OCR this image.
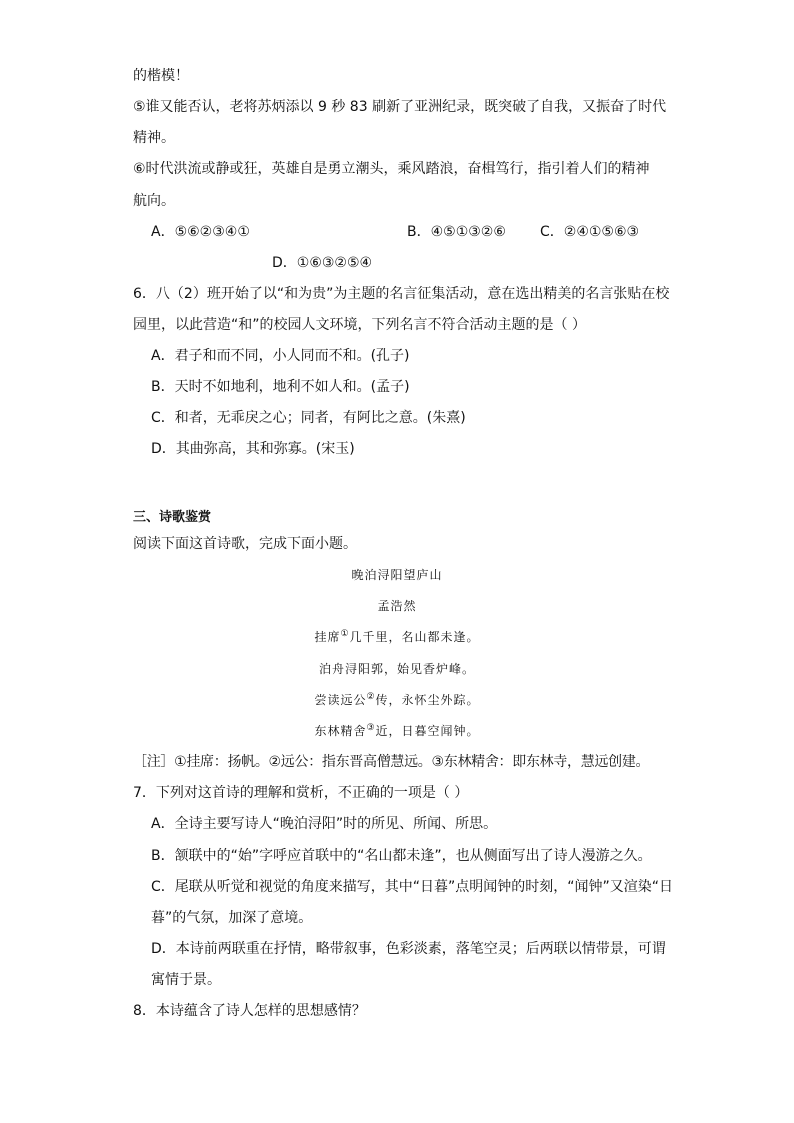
的楷模！
⑤谁又能否认，老将苏炳添以 9 秒 83 刷新了亚洲纪录，既突破了自我，又振奋了时代
精神。
⑥时代洪流或静或狂，英雄自是勇立潮头，乘风踏浪，奋楫笃行，指引着人们的精神
航向。
A．⑤⑥②③④①	B．④⑤①③②⑥ C．②④①⑤⑥③
D．①⑥③②⑤④
6．八（2）班开始了以“和为贵”为主题的名言征集活动，意在选出精美的名言张贴在校
园里，以此营造“和”的校园人文环境，下列名言不符合活动主题的是（ ）
A．君子和而不同，小人同而不和。(孔子)
B．天时不如地利，地利不如人和。(孟子)
C．和者，无乖戾之心；同者，有阿比之意。(朱熹)
D．其曲弥高，其和弥寡。(宋玉)
三、诗歌鉴赏
阅读下面这首诗歌，完成下面小题。
晚泊浔阳望庐山
孟浩然
挂席①几千里，名山都未逢。
泊舟浔阳郭，始见香炉峰。
尝读远公②传，永怀尘外踪。
东林精舍③近，日暮空闻钟。
［注］①挂席：扬帆。②远公：指东晋高僧慧远。③东林精舍：即东林寺，慧远创建。
7．下列对这首诗的理解和赏析，不正确的一项是（ ）
A．全诗主要写诗人“晚泊浔阳”时的所见、所闻、所思。
B．颔联中的“始”字呼应首联中的“名山都未逢”，也从侧面写出了诗人漫游之久。
C．尾联从听觉和视觉的角度来描写，其中“日暮”点明闻钟的时刻，“闻钟”又渲染“日
暮”的气氛，加深了意境。
D．本诗前两联重在抒情，略带叙事，色彩淡素，落笔空灵；后两联以情带景，可谓
寓情于景。
8．本诗蕴含了诗人怎样的思想感情？
